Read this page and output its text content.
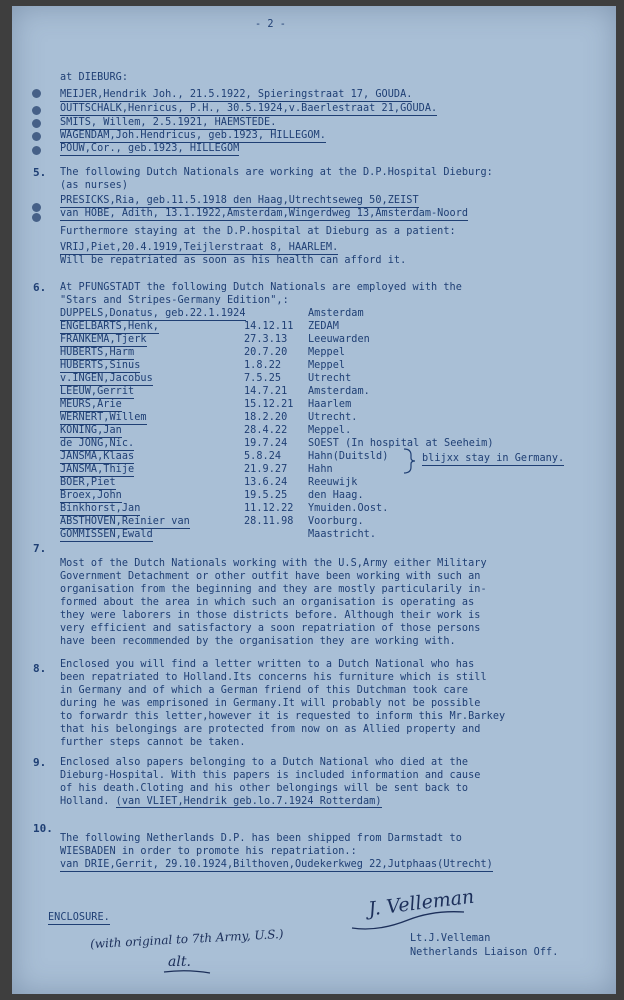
- 2 -
at DIEBURG:
MEIJER,Hendrik Joh., 21.5.1922, Spieringstraat 17, GOUDA.
OUTTSCHALK,Henricus, P.H., 30.5.1924,v.Baerlestraat 21,GOUDA.
SMITS, Willem, 2.5.1921, HAEMSTEDE.
WAGENDAM,Joh.Hendricus, geb.1923, HILLEGOM.
POUW,Cor., geb.1923, HILLEGOM
5. The following Dutch Nationals are working at the D.P.Hospital Dieburg:
(as nurses)
PRESICKS,Ria, geb.11.5.1918 den Haag,Utrechtseweg 50,ZEIST
van HOBE, Adith, 13.1.1922,Amsterdam,Wingerdweg 13,Amsterdam-Noord
Furthermore staying at the D.P.hospital at Dieburg as a patient:
VRIJ,Piet,20.4.1919,Teijlerstraat 8, HAARLEM.
Will be repatriated as soon as his health can afford it.
6. At PFUNGSTADT the following Dutch Nationals are employed with the
"Stars and Stripes-Germany Edition",:
DUPPELS,Donatus, geb.22.1.1924	Amsterdam
ENGELBARTS,Henk,	14.12.11 ZEDAM
FRANKEMA,Tjerk	27.3.13 Leeuwarden
HUBERTS,Harm	20.7.20 Meppel
HUBERTS,Sinus	1.8.22	Meppel
v.INGEN,Jacobus	7.5.25	Utrecht
LEEUW,Gerrit	14.7.21 Amsterdam.
MEURS,Arie	15.12.21 Haarlem
WERNERT,Willem	18.2.20 Utrecht.
KONING,Jan	28.4.22 Meppel.
de JONG,Nic.	19.7.24 SOEST (In hospital at Seeheim)
JANSMA,Klaas	5.8.24	Hahn(Duitsld)
JANSMA,Thije	21.9.27 Hahn
BOER,Piet	13.6.24 Reeuwijk
Broex,John	19.5.25 den Haag.
Binkhorst,Jan	11.12.22 Ymuiden.Oost.
ABSTHOVEN,Reinier van	28.11.98 Voorburg.
GOMMISSEN,Ewald	Maastricht.
blijxx stay in Germany.
7.
Most of the Dutch Nationals working with the U.S,Army either Military
Government Detachment or other outfit have been working with such an
organisation from the beginning and they are mostly particularily in-
formed about the area in which such an organisation is operating as
they were laborers in those districts before. Although their work is
very efficient and satisfactory a soon repatriation of those persons
have been recommended by the organisation they are working with.
8. Enclosed you will find a letter written to a Dutch National who has
been repatriated to Holland.Its concerns his furniture which is still
in Germany and of which a German friend of this Dutchman took care
during he was emprisoned in Germany.It will probably not be possible
to forwardr this letter,however it is requested to inform this Mr.Barkey
that his belongings are protected from now on as Allied property and
further steps cannot be taken.
9. Enclosed also papers belonging to a Dutch National who died at the
Dieburg-Hospital. With this papers is included information and cause
of his death.Cloting and his other belongings will be sent back to
Holland. (van VLIET,Hendrik geb.lo.7.1924 Rotterdam)
10.
The following Netherlands D.P. has been shipped from Darmstadt to
WIESBADEN in order to promote his repatriation.:
van DRIE,Gerrit, 29.10.1924,Bilthoven,Oudekerkweg 22,Jutphaas(Utrecht)
ENCLOSURE.
(with original to 7th Army, U.S.)
alt.
J. Velleman
Lt.J.Velleman
Netherlands Liaison Off.
